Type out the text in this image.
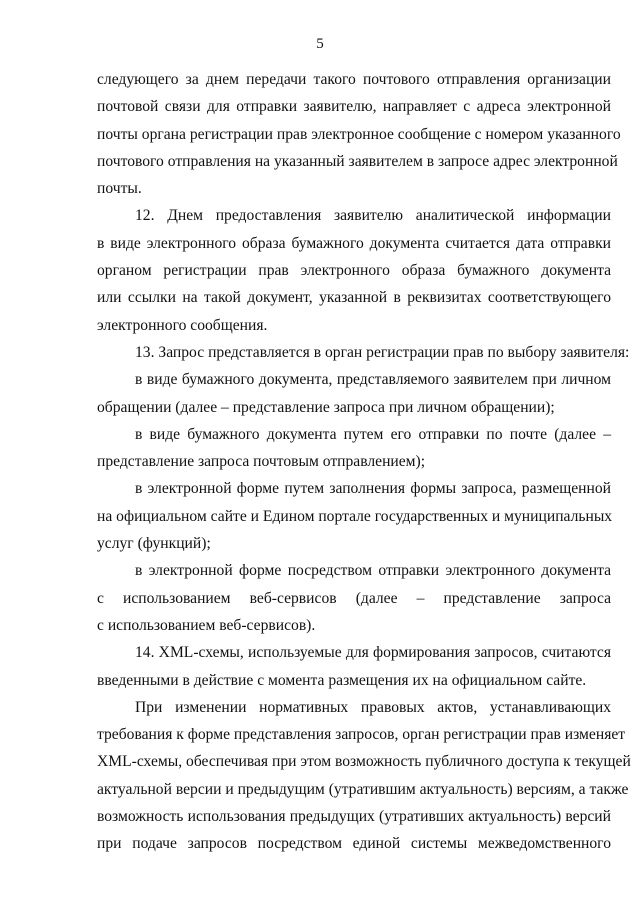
5
следующего за днем передачи такого почтового отправления организации
почтовой связи для отправки заявителю, направляет с адреса электронной
почты органа регистрации прав электронное сообщение с номером указанного
почтового отправления на указанный заявителем в запросе адрес электронной
почты.
12. Днем предоставления заявителю аналитической информации
в виде электронного образа бумажного документа считается дата отправки
органом регистрации прав электронного образа бумажного документа
или ссылки на такой документ, указанной в реквизитах соответствующего
электронного сообщения.
13. Запрос представляется в орган регистрации прав по выбору заявителя:
в виде бумажного документа, представляемого заявителем при личном
обращении (далее – представление запроса при личном обращении);
в виде бумажного документа путем его отправки по почте (далее –
представление запроса почтовым отправлением);
в электронной форме путем заполнения формы запроса, размещенной
на официальном сайте и Едином портале государственных и муниципальных
услуг (функций);
в электронной форме посредством отправки электронного документа
с использованием веб-сервисов (далее – представление запроса
с использованием веб-сервисов).
14. XML-схемы, используемые для формирования запросов, считаются
введенными в действие с момента размещения их на официальном сайте.
При изменении нормативных правовых актов, устанавливающих
требования к форме представления запросов, орган регистрации прав изменяет
XML-схемы, обеспечивая при этом возможность публичного доступа к текущей
актуальной версии и предыдущим (утратившим актуальность) версиям, а также
возможность использования предыдущих (утративших актуальность) версий
при подаче запросов посредством единой системы межведомственного
